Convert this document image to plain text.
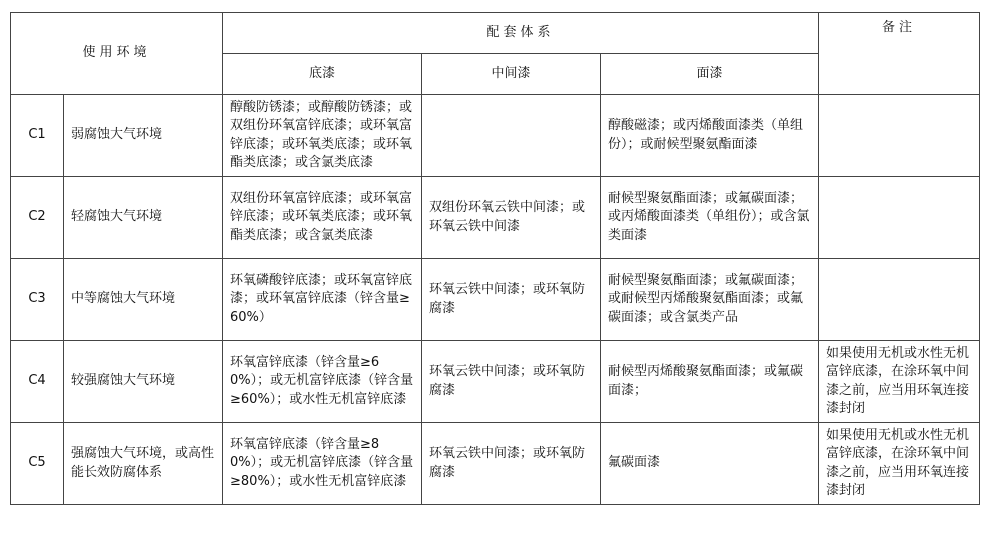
使用环境		配套体系			备注
		底漆	中间漆	面漆	
C1	弱腐蚀大气环境	醇酸防锈漆；或醇酸防锈漆；或双组份环氧富锌底漆；或环氧富锌底漆；或环氧类底漆；或环氧酯类底漆；或含氯类底漆		醇酸磁漆；或丙烯酸面漆类（单组份）；或耐候型聚氨酯面漆	
C2	轻腐蚀大气环境	双组份环氧富锌底漆；或环氧富锌底漆；或环氧类底漆；或环氧酯类底漆；或含氯类底漆	双组份环氧云铁中间漆；或环氧云铁中间漆	耐候型聚氨酯面漆；或氟碳面漆；或丙烯酸面漆类（单组份）；或含氯类面漆	
C3	中等腐蚀大气环境	环氧磷酸锌底漆；或环氧富锌底漆；或环氧富锌底漆（锌含量≥60%）	环氧云铁中间漆；或环氧防腐漆	耐候型聚氨酯面漆；或氟碳面漆；或耐候型丙烯酸聚氨酯面漆；或氟碳面漆；或含氯类产品	
C4	较强腐蚀大气环境	环氧富锌底漆（锌含量≥60%）；或无机富锌底漆（锌含量≥60%）；或水性无机富锌底漆	环氧云铁中间漆；或环氧防腐漆	耐候型丙烯酸聚氨酯面漆；或氟碳面漆；	如果使用无机或水性无机富锌底漆，在涂环氧中间漆之前，应当用环氧连接漆封闭
C5	强腐蚀大气环境，或高性能长效防腐体系	环氧富锌底漆（锌含量≥80%）；或无机富锌底漆（锌含量≥80%）；或水性无机富锌底漆	环氧云铁中间漆；或环氧防腐漆	氟碳面漆	如果使用无机或水性无机富锌底漆，在涂环氧中间漆之前，应当用环氧连接漆封闭
